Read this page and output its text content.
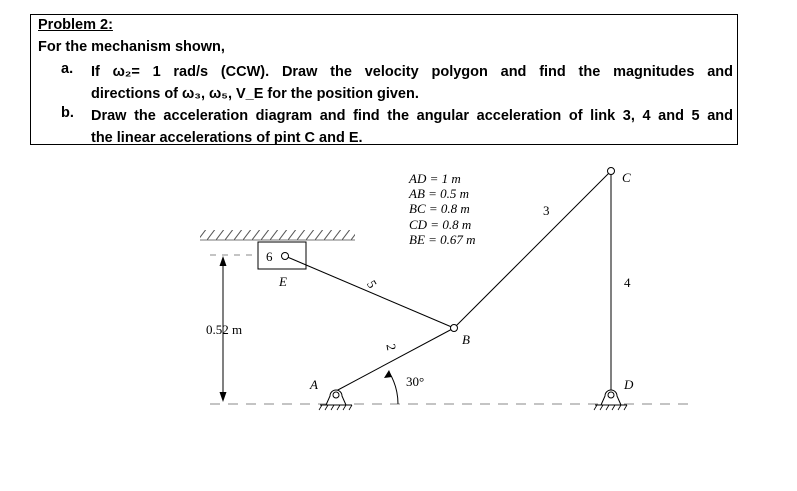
Problem 2:
For the mechanism shown,
a. If ω₂= 1 rad/s (CCW). Draw the velocity polygon and find the magnitudes and
directions of ω₃, ω₅, V_E for the position given.
b. Draw the acceleration diagram and find the angular acceleration of link 3, 4 and 5 and
the linear accelerations of pint C and E.
0.52 m
6
E	5
2
3
4
B
C
A	D
30°
AD = 1 m
AB = 0.5 m
BC = 0.8 m
CD = 0.8 m
BE = 0.67 m
